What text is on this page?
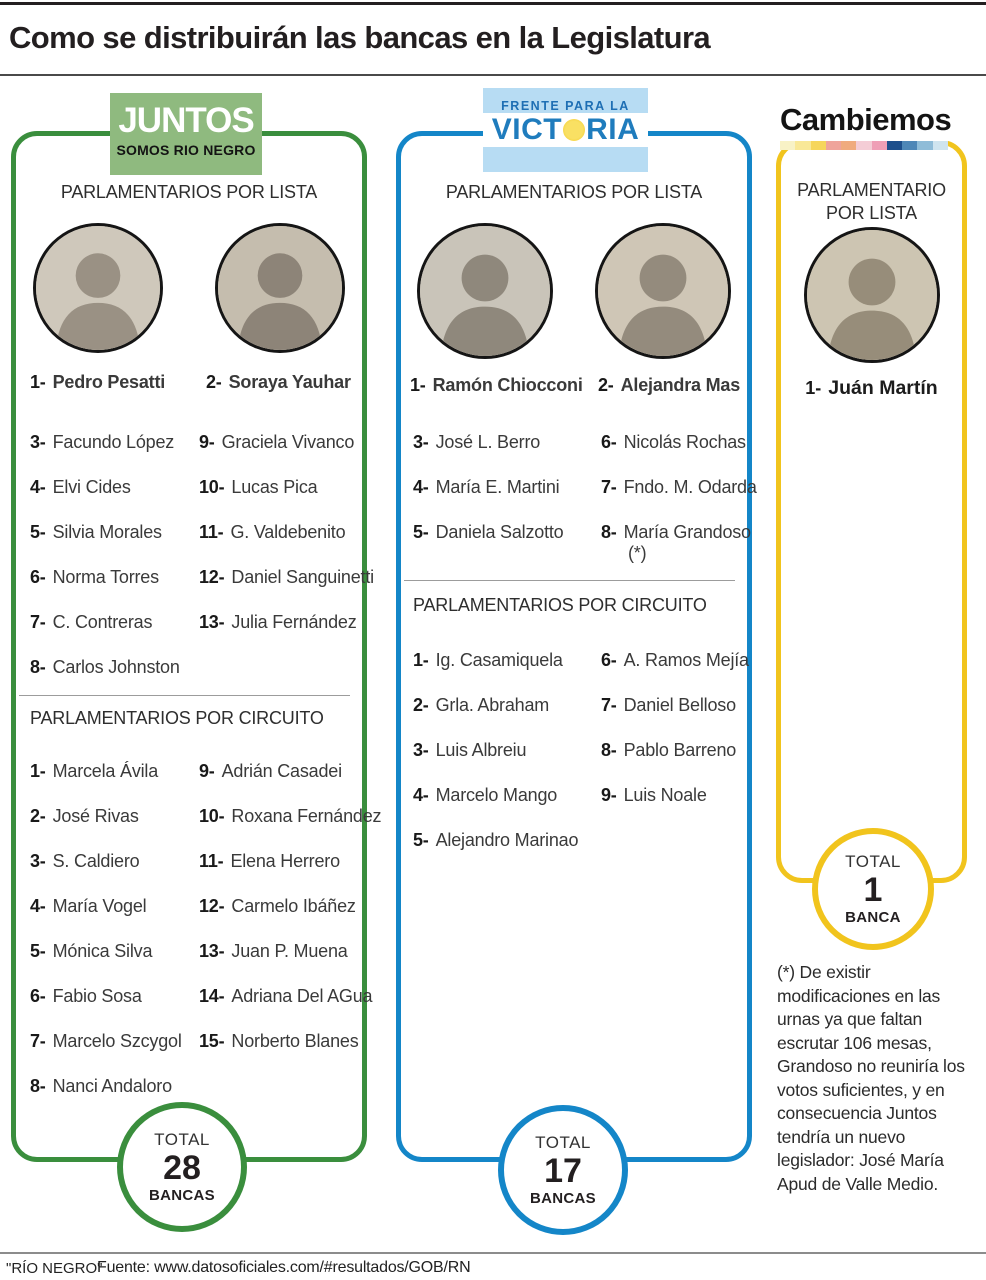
Como se distribuirán las bancas en la Legislatura
PARLAMENTARIOS POR LISTA
1- Pedro Pesatti	2- Soraya Yauhar
3- Facundo López	9- Graciela Vivanco
4- Elvi Cides	10- Lucas Pica
5- Silvia Morales	11- G. Valdebenito
6- Norma Torres	12- Daniel Sanguinetti
7- C. Contreras	13- Julia Fernández
8- Carlos Johnston
PARLAMENTARIOS POR CIRCUITO
1- Marcela Ávila	9- Adrián Casadei
2- José Rivas	10- Roxana Fernández
3- S. Caldiero	11- Elena Herrero
4- María Vogel	12- Carmelo Ibáñez
5- Mónica Silva	13- Juan P. Muena
6- Fabio Sosa	14- Adriana Del AGua
7- Marcelo Szcygol 15- Norberto Blanes
8- Nanci Andaloro
JUNTOS
SOMOS RIO NEGRO
TOTAL
28
BANCAS
PARLAMENTARIOS POR LISTA
1- Ramón Chiocconi 2- Alejandra Mas
3- José L. Berro	6- Nicolás Rochas
4- María E. Martini	7- Fndo. M. Odarda
5- Daniela Salzotto	8- María Grandoso
(*)
PARLAMENTARIOS POR CIRCUITO
1- Ig. Casamiquela	6- A. Ramos Mejía
2- Grla. Abraham	7- Daniel Belloso
3- Luis Albreiu	8- Pablo Barreno
4- Marcelo Mango	9- Luis Noale
5- Alejandro Marinao
FRENTE PARA LA
VICT RIA
TOTAL
17
BANCAS
PARLAMENTARIO POR LISTA
1- Juán Martín
Cambiemos
TOTAL
1
BANCA
(*) De existir modificaciones en las urnas ya que faltan escrutar 106 mesas, Grandoso no reuniría los votos suficientes, y en consecuencia Juntos tendría un nuevo legislador: José María Apud de Valle Medio.
"RÍO NEGRO"
Fuente: www.datosoficiales.com/#resultados/GOB/RN
